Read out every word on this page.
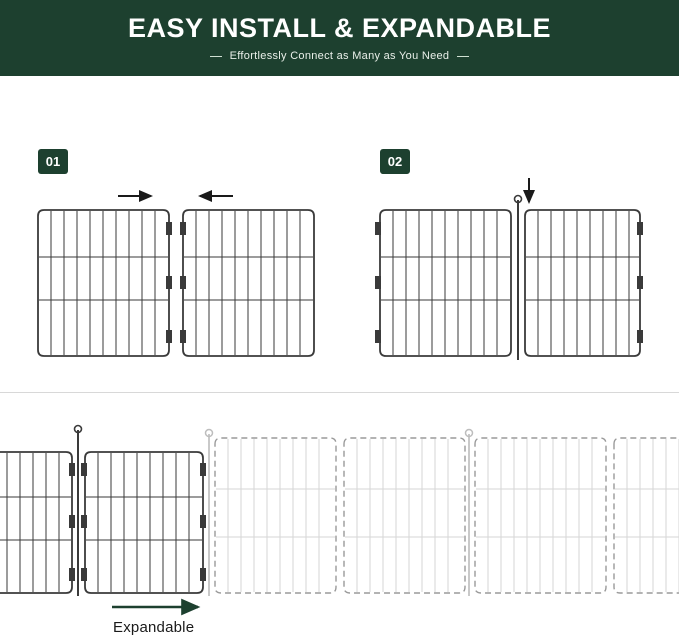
EASY INSTALL & EXPANDABLE
Effortlessly Connect as Many as You Need
01	02
Expandable
